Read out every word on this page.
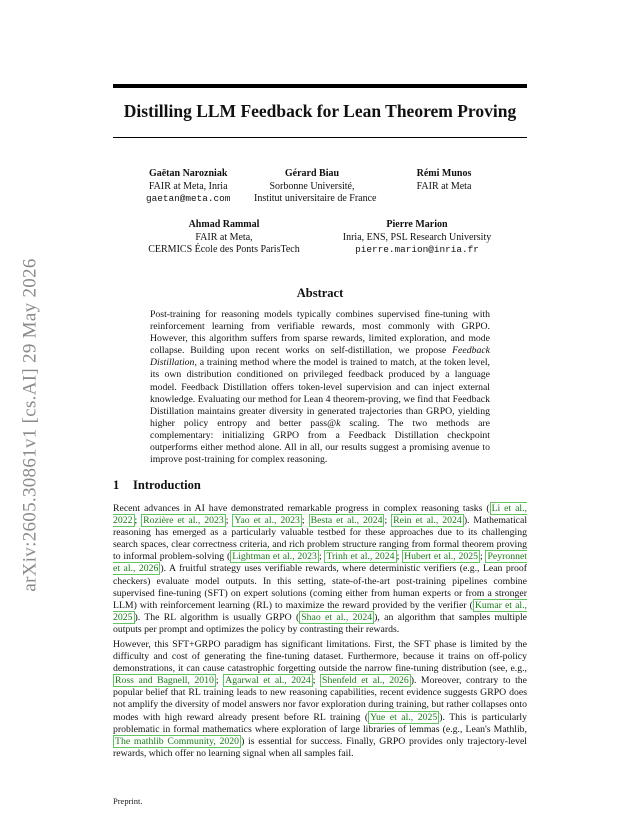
arXiv:2605.30861v1 [cs.AI] 29 May 2026
Distilling LLM Feedback for Lean Theorem Proving
Gaëtan Narozniak
FAIR at Meta, Inria
gaetan@meta.com
Gérard Biau
Sorbonne Université,
Institut universitaire de France
Rémi Munos
FAIR at Meta
Ahmad Rammal
FAIR at Meta,
CERMICS École des Ponts ParisTech
Pierre Marion
Inria, ENS, PSL Research University
pierre.marion@inria.fr
Abstract
Post-training for reasoning models typically combines supervised fine-tuning with reinforcement learning from verifiable rewards, most commonly with GRPO. However, this algorithm suffers from sparse rewards, limited exploration, and mode collapse. Building upon recent works on self-distillation, we propose Feedback Distillation, a training method where the model is trained to match, at the token level, its own distribution conditioned on privileged feedback produced by a language model. Feedback Distillation offers token-level supervision and can inject external knowledge. Evaluating our method for Lean 4 theorem-proving, we find that Feedback Distillation maintains greater diversity in generated trajectories than GRPO, yielding higher policy entropy and better pass@k scaling. The two methods are complementary: initializing GRPO from a Feedback Distillation checkpoint outperforms either method alone. All in all, our results suggest a promising avenue to improve post-training for complex reasoning.
1 Introduction
Recent advances in AI have demonstrated remarkable progress in complex reasoning tasks ( Li et al., 2022 ; Rozière et al., 2023 ; Yao et al., 2023 ; Besta et al., 2024 ; Rein et al., 2024 ). Mathematical reasoning has emerged as a particularly valuable testbed for these approaches due to its challenging search spaces, clear correctness criteria, and rich problem structure ranging from formal theorem proving to informal problem-solving ( Lightman et al., 2023 ; Trinh et al., 2024 ; Hubert et al., 2025 ; Peyronnet et al., 2026 ). A fruitful strategy uses verifiable rewards, where deterministic verifiers (e.g., Lean proof checkers) evaluate model outputs. In this setting, state-of-the-art post-training pipelines combine supervised fine-tuning (SFT) on expert solutions (coming either from human experts or from a stronger LLM) with reinforcement learning (RL) to maximize the reward provided by the verifier ( Kumar et al., 2025 ). The RL algorithm is usually GRPO ( Shao et al., 2024 ), an algorithm that samples multiple outputs per prompt and optimizes the policy by contrasting their rewards.
However, this SFT+GRPO paradigm has significant limitations. First, the SFT phase is limited by the difficulty and cost of generating the fine-tuning dataset. Furthermore, because it trains on off-policy demonstrations, it can cause catastrophic forgetting outside the narrow fine-tuning distribution (see, e.g., Ross and Bagnell, 2010 ; Agarwal et al., 2024 ; Shenfeld et al., 2026 ). Moreover, contrary to the popular belief that RL training leads to new reasoning capabilities, recent evidence suggests GRPO does not amplify the diversity of model answers nor favor exploration during training, but rather collapses onto modes with high reward already present before RL training ( Yue et al., 2025 ). This is particularly problematic in formal mathematics where exploration of large libraries of lemmas (e.g., Lean's Mathlib, The mathlib Community, 2020 ) is essential for success. Finally, GRPO provides only trajectory-level rewards, which offer no learning signal when all samples fail.
Preprint.
